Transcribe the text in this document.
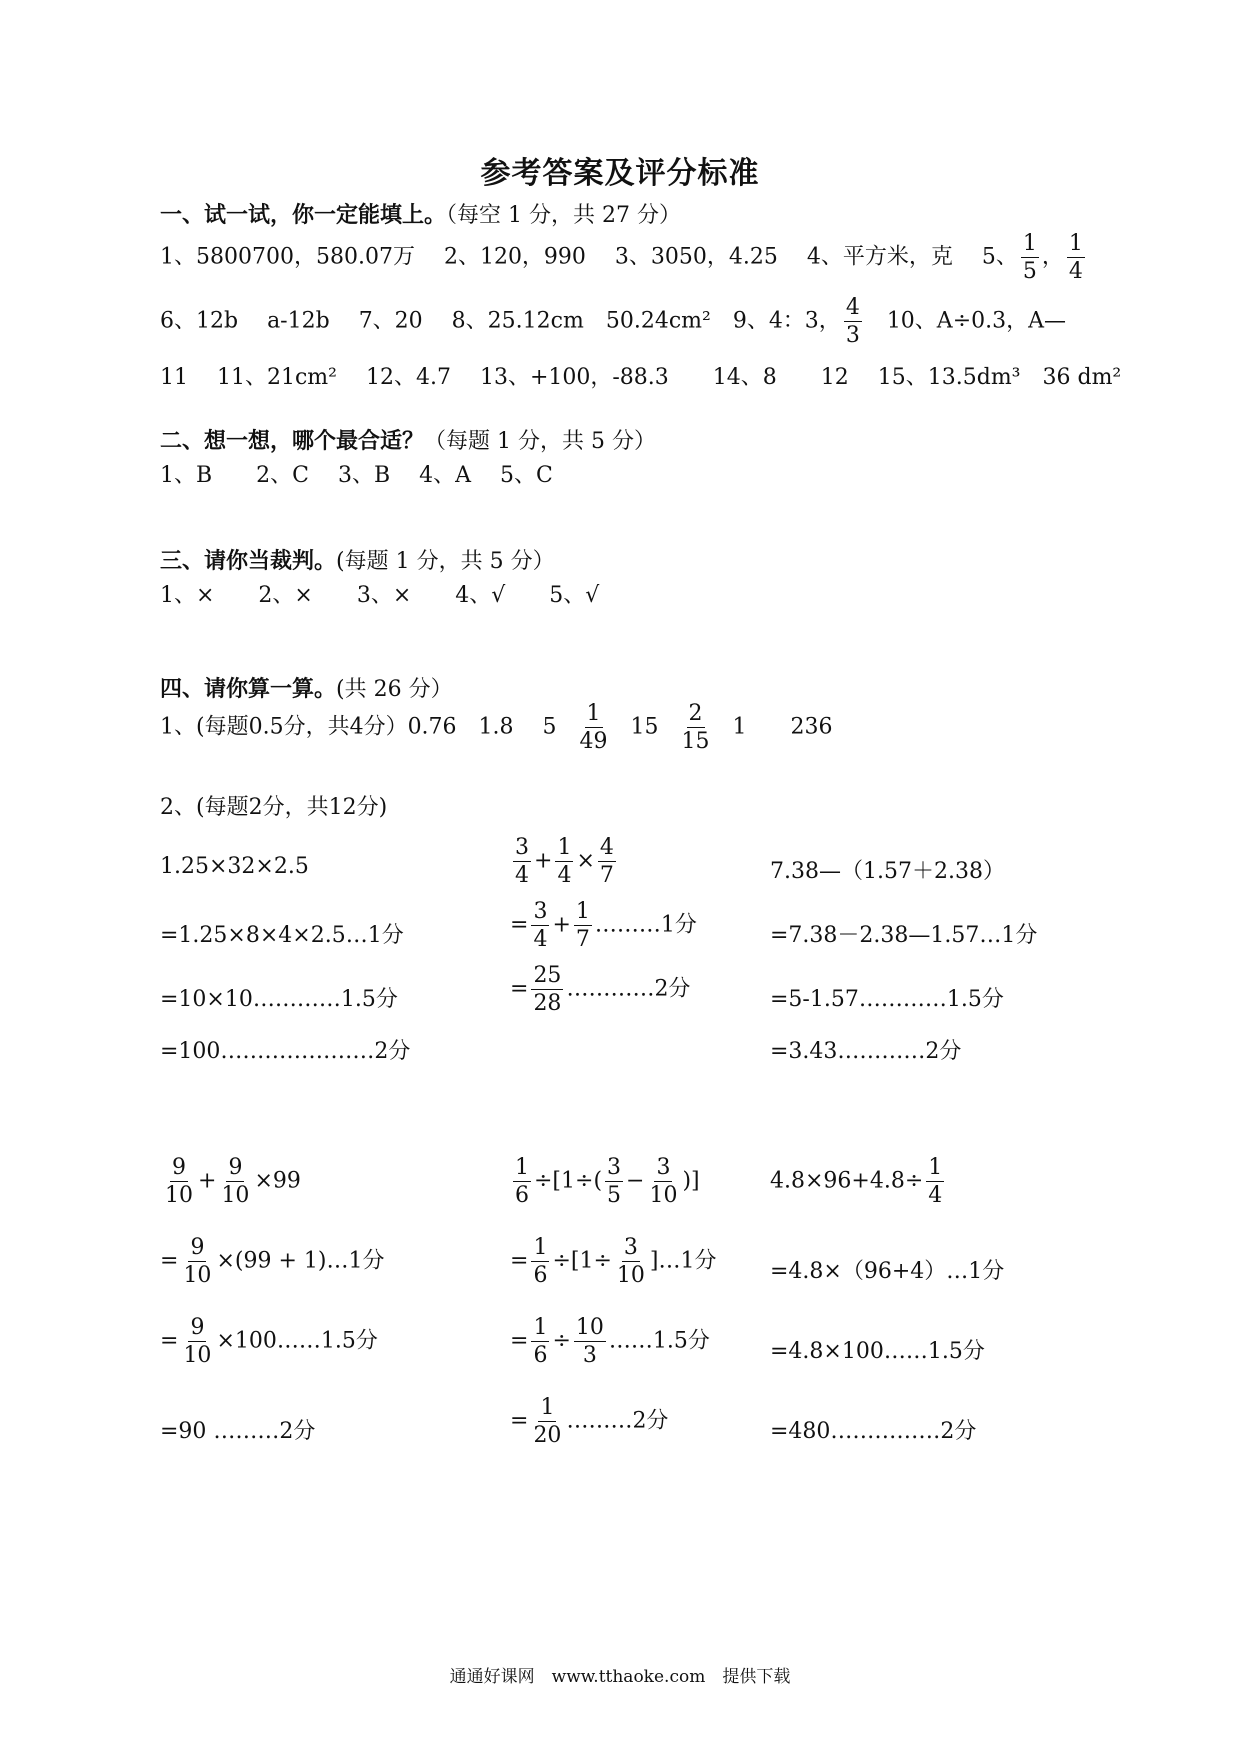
参考答案及评分标准
一、试一试，你一定能填上。（每空 1 分，共 27 分）
1、5800700，580.07万　 2、120，990　 3、3050，4.25　 4、平方米，克　 5、 $\frac{1}{5}$ ， $\frac{1}{4}$
6、12b　 a-12b　 7、20　 8、25.12cm　50.24cm²　9、4：3， $\frac{4}{3}$ 　10、A÷0.3，A—
11　 11、21cm²　 12、4.7　 13、+100，-88.3　　14、8　　12　 15、13.5dm³　36 dm²
二、想一想，哪个最合适？（每题 1 分，共 5 分）
1、B　　2、C　 3、B　 4、A　 5、C
三、请你当裁判。(每题 1 分，共 5 分）
1、×　　2、×　　3、×　　4、√　　5、√
四、请你算一算。(共 26 分）
1、(每题0.5分，共4分）0.76　1.8　 $5 \frac{1}{49} 15 \frac{2}{15} 1$　　236
2、(每题2分，共12分)
1.25×32×2.5
=1.25×8×4×2.5…1分
=10×10…………1.5分
=100…………………2分
$\frac{3}{4} + \frac{1}{4} \times \frac{4}{7}$
= $\frac{3}{4} + \frac{1}{7}$ ………1分
= $\frac{25}{28}$ …………2分
7.38—（1.57＋2.38）
=7.38－2.38—1.57…1分
=5-1.57…………1.5分
=3.43…………2分
$\frac{9}{10} + \frac{9}{10} \times 99$
= $\frac{9}{10} \times(99$ + 1)…1分
= $\frac{9}{10}$ ×100……1.5分
=90 ………2分
$\frac{1}{6} \div[1\div( \frac{3}{5} - \frac{3}{10}$ )]
= $\frac{1}{6} \div[1\div \frac{3}{10}$ ]…1分
= $\frac{1}{6} \div \frac{10}{3}$ ……1.5分
= $\frac{1}{20}$ ………2分
$4.8\times 96+4.8\div \frac{1}{4}$
=4.8×（96+4）…1分
=4.8×100……1.5分
=480……………2分
通通好课网　www.tthaoke.com　提供下载
